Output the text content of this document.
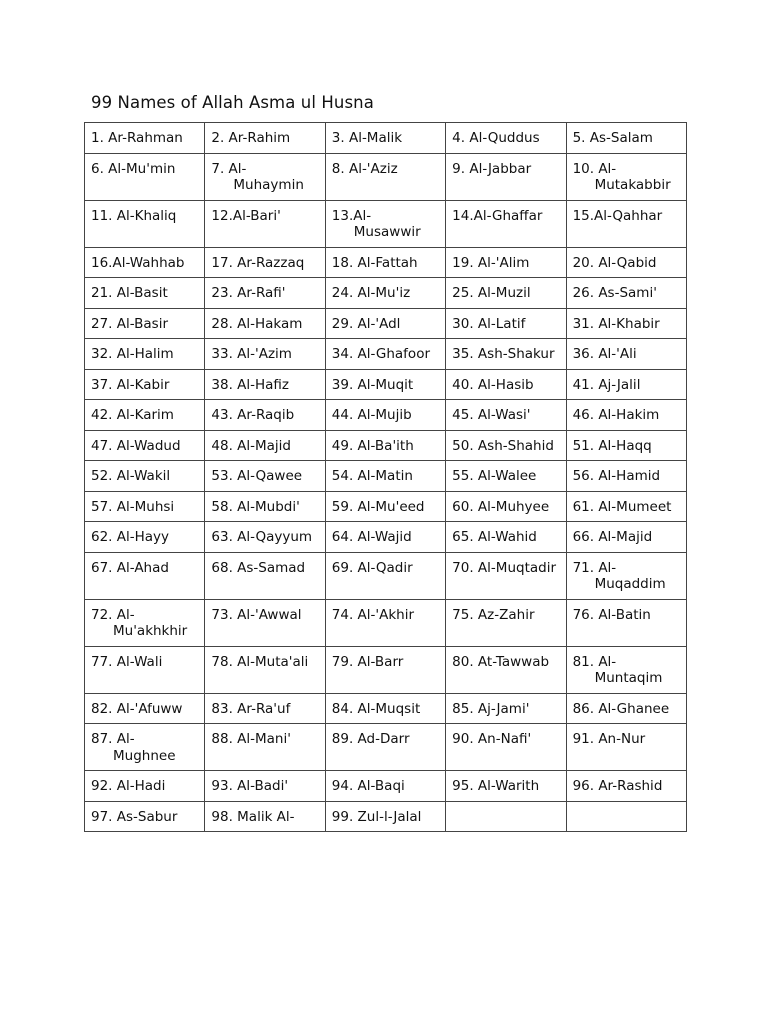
99 Names of Allah Asma ul Husna
1. Ar-Rahman	2. Ar-Rahim	3. Al-Malik	4. Al-Quddus	5. As-Salam

6. Al-Mu'min	7. Al- Muhaymin	8. Al-'Aziz	9. Al-Jabbar	10. Al- Mutakabbir

11. Al-Khaliq	12.Al-Bari'	13.Al- Musawwir	14.Al-Ghaffar	15.Al-Qahhar

16.Al-Wahhab	17. Ar-Razzaq	18. Al-Fattah	19. Al-'Alim	20. Al-Qabid

21. Al-Basit	23. Ar-Rafi'	24. Al-Mu'iz	25. Al-Muzil	26. As-Sami'

27. Al-Basir	28. Al-Hakam	29. Al-'Adl	30. Al-Latif	31. Al-Khabir

32. Al-Halim	33. Al-'Azim	34. Al-Ghafoor	35. Ash-Shakur	36. Al-'Ali

37. Al-Kabir	38. Al-Hafiz	39. Al-Muqit	40. Al-Hasib	41. Aj-Jalil

42. Al-Karim	43. Ar-Raqib	44. Al-Mujib	45. Al-Wasi'	46. Al-Hakim

47. Al-Wadud	48. Al-Majid	49. Al-Ba'ith	50. Ash-Shahid	51. Al-Haqq

52. Al-Wakil	53. Al-Qawee	54. Al-Matin	55. Al-Walee	56. Al-Hamid

57. Al-Muhsi	58. Al-Mubdi'	59. Al-Mu'eed	60. Al-Muhyee	61. Al-Mumeet

62. Al-Hayy	63. Al-Qayyum	64. Al-Wajid	65. Al-Wahid	66. Al-Majid

67. Al-Ahad	68. As-Samad	69. Al-Qadir	70. Al-Muqtadir	71. Al- Muqaddim

72. Al- Mu'akhkhir	73. Al-'Awwal	74. Al-'Akhir	75. Az-Zahir	76. Al-Batin

77. Al-Wali	78. Al-Muta'ali	79. Al-Barr	80. At-Tawwab	81. Al- Muntaqim

82. Al-'Afuww	83. Ar-Ra'uf	84. Al-Muqsit	85. Aj-Jami'	86. Al-Ghanee

87. Al- Mughnee	88. Al-Mani'	89. Ad-Darr	90. An-Nafi'	91. An-Nur

92. Al-Hadi	93. Al-Badi'	94. Al-Baqi	95. Al-Warith	96. Ar-Rashid

97. As-Sabur	98. Malik Al-	99. Zul-l-Jalal		
